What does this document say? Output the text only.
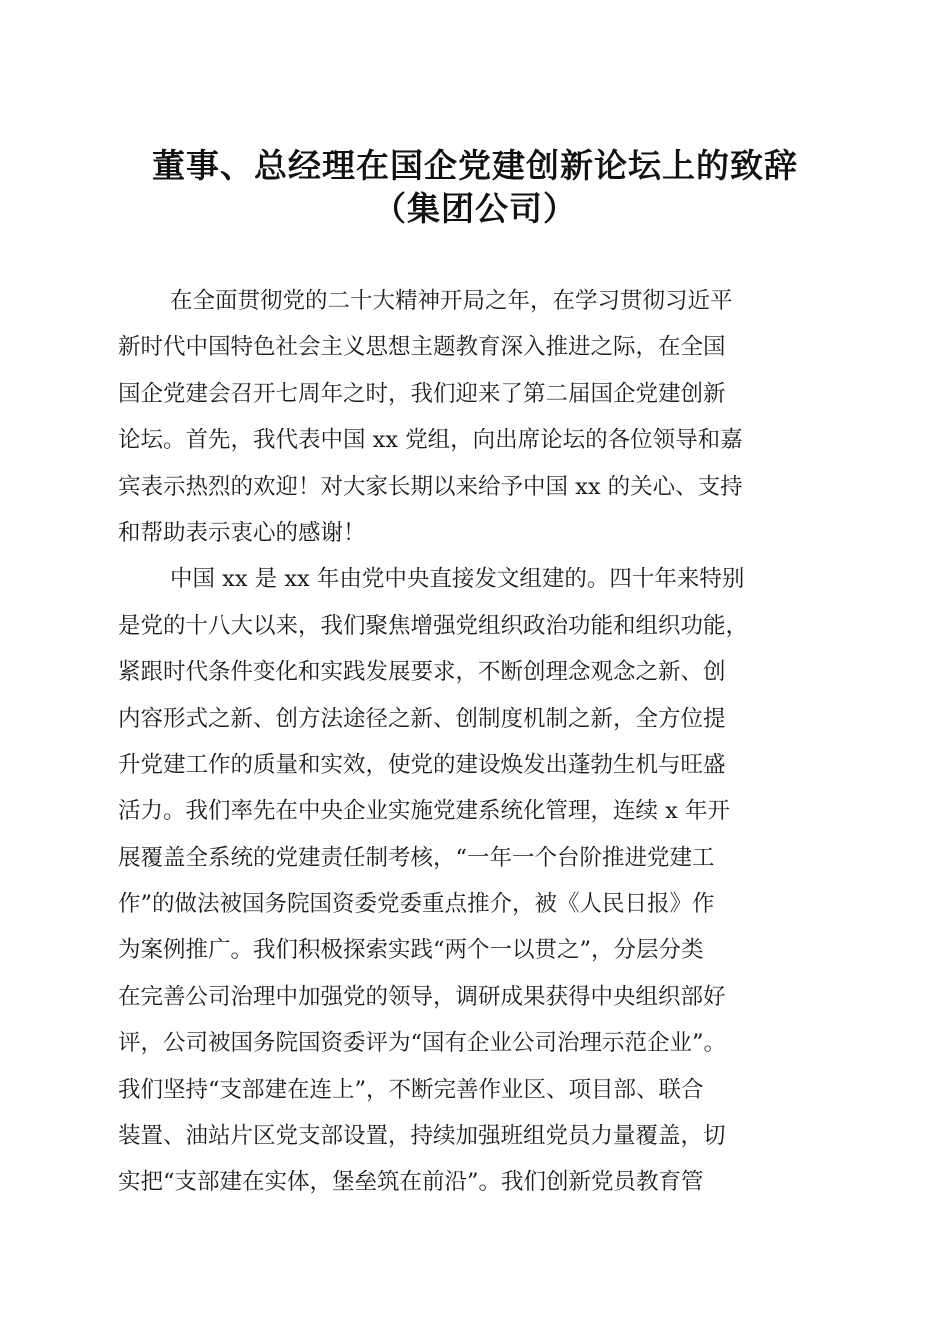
董事、总经理在国企党建创新论坛上的致辞
（集团公司）
在全面贯彻党的二十大精神开局之年，在学习贯彻习近平
新时代中国特色社会主义思想主题教育深入推进之际，在全国
国企党建会召开七周年之时，我们迎来了第二届国企党建创新
论坛。首先，我代表中国 xx 党组，向出席论坛的各位领导和嘉
宾表示热烈的欢迎！对大家长期以来给予中国 xx 的关心、支持
和帮助表示衷心的感谢！
中国 xx 是 xx 年由党中央直接发文组建的。四十年来特别
是党的十八大以来，我们聚焦增强党组织政治功能和组织功能，
紧跟时代条件变化和实践发展要求，不断创理念观念之新、创
内容形式之新、创方法途径之新、创制度机制之新，全方位提
升党建工作的质量和实效，使党的建设焕发出蓬勃生机与旺盛
活力。我们率先在中央企业实施党建系统化管理，连续 x 年开
展覆盖全系统的党建责任制考核，“一年一个台阶推进党建工
作”的做法被国务院国资委党委重点推介，被《人民日报》作
为案例推广。我们积极探索实践“两个一以贯之”，分层分类
在完善公司治理中加强党的领导，调研成果获得中央组织部好
评，公司被国务院国资委评为“国有企业公司治理示范企业”。
我们坚持“支部建在连上”，不断完善作业区、项目部、联合
装置、油站片区党支部设置，持续加强班组党员力量覆盖，切
实把“支部建在实体，堡垒筑在前沿”。我们创新党员教育管
